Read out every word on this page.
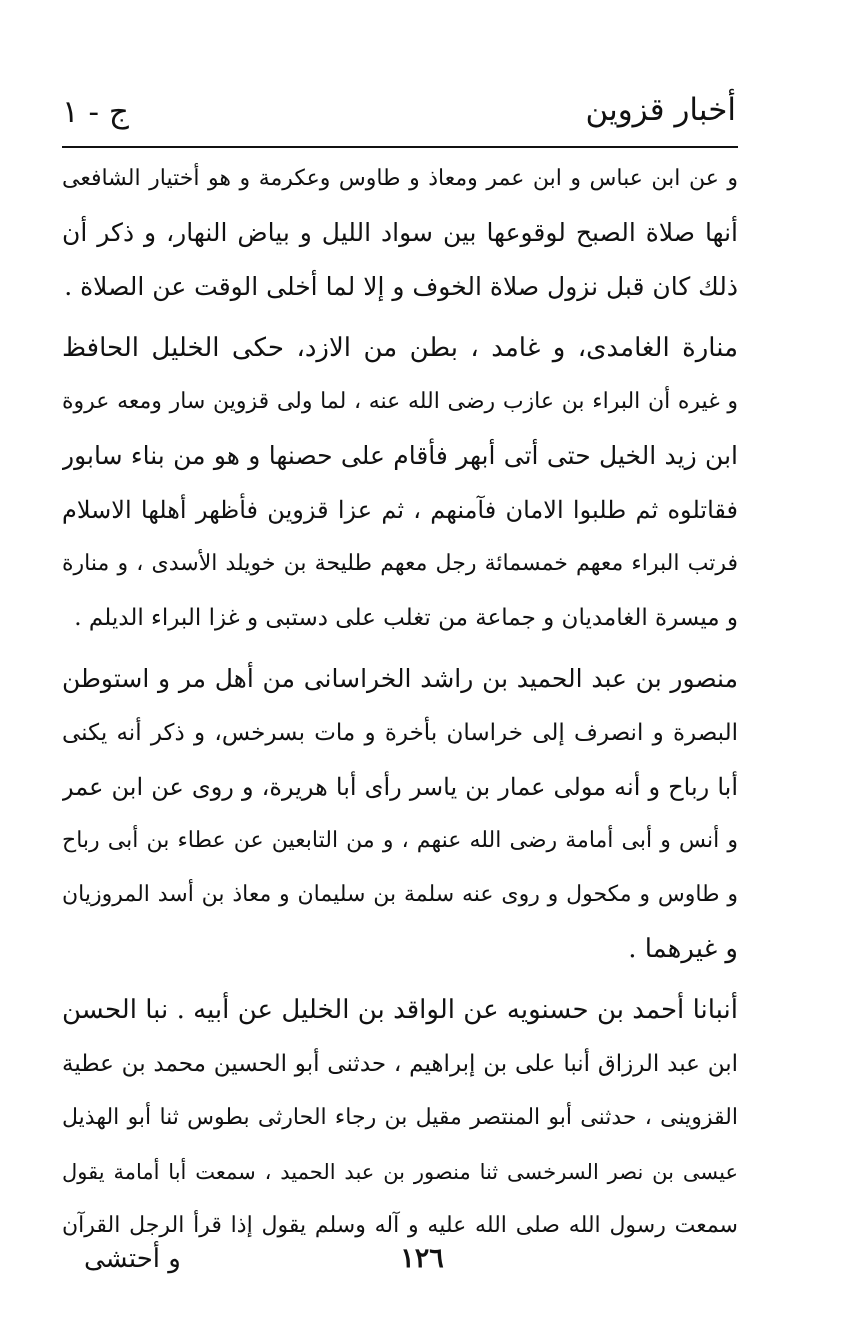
أخبار قزوين
ج - ١
و عن ابن عباس و ابن عمر ومعاذ و طاوس وعكرمة و هو أختيار الشافعى
أنها صلاة الصبح لوقوعها بين سواد الليل و بياض النهار، و ذكر أن
ذلك كان قبل نزول صلاة الخوف و إلا لما أخلى الوقت عن الصلاة .
منارة الغامدى، و غامد ، بطن من الازد، حكى الخليل الحافظ
و غيره أن البراء بن عازب رضى الله عنه ، لما ولى قزوين سار ومعه عروة
ابن زيد الخيل حتى أتى أبهر فأقام على حصنها و هو من بناء سابور
فقاتلوه ثم طلبوا الامان فآمنهم ، ثم عزا قزوين فأظهر أهلها الاسلام
فرتب البراء معهم خمسمائة رجل معهم طليحة بن خويلد الأسدى ، و منارة
و ميسرة الغامديان و جماعة من تغلب على دستبى و غزا البراء الديلم .
منصور بن عبد الحميد بن راشد الخراسانى من أهل مر و استوطن
البصرة و انصرف إلى خراسان بأخرة و مات بسرخس، و ذكر أنه يكنى
أبا رباح و أنه مولى عمار بن ياسر رأى أبا هريرة، و روى عن ابن عمر
و أنس و أبى أمامة رضى الله عنهم ، و من التابعين عن عطاء بن أبى رباح
و طاوس و مكحول و روى عنه سلمة بن سليمان و معاذ بن أسد المروزيان
و غيرهما .
أنبانا أحمد بن حسنويه عن الواقد بن الخليل عن أبيه . نبا الحسن
ابن عبد الرزاق أنبا على بن إبراهيم ، حدثنى أبو الحسين محمد بن عطية
القزوينى ، حدثنى أبو المنتصر مقيل بن رجاء الحارثى بطوس ثنا أبو الهذيل
عيسى بن نصر السرخسى ثنا منصور بن عبد الحميد ، سمعت أبا أمامة يقول
سمعت رسول الله صلى الله عليه و آله وسلم يقول إذا قرأ الرجل القرآن
١٢٦
و أحتشى
